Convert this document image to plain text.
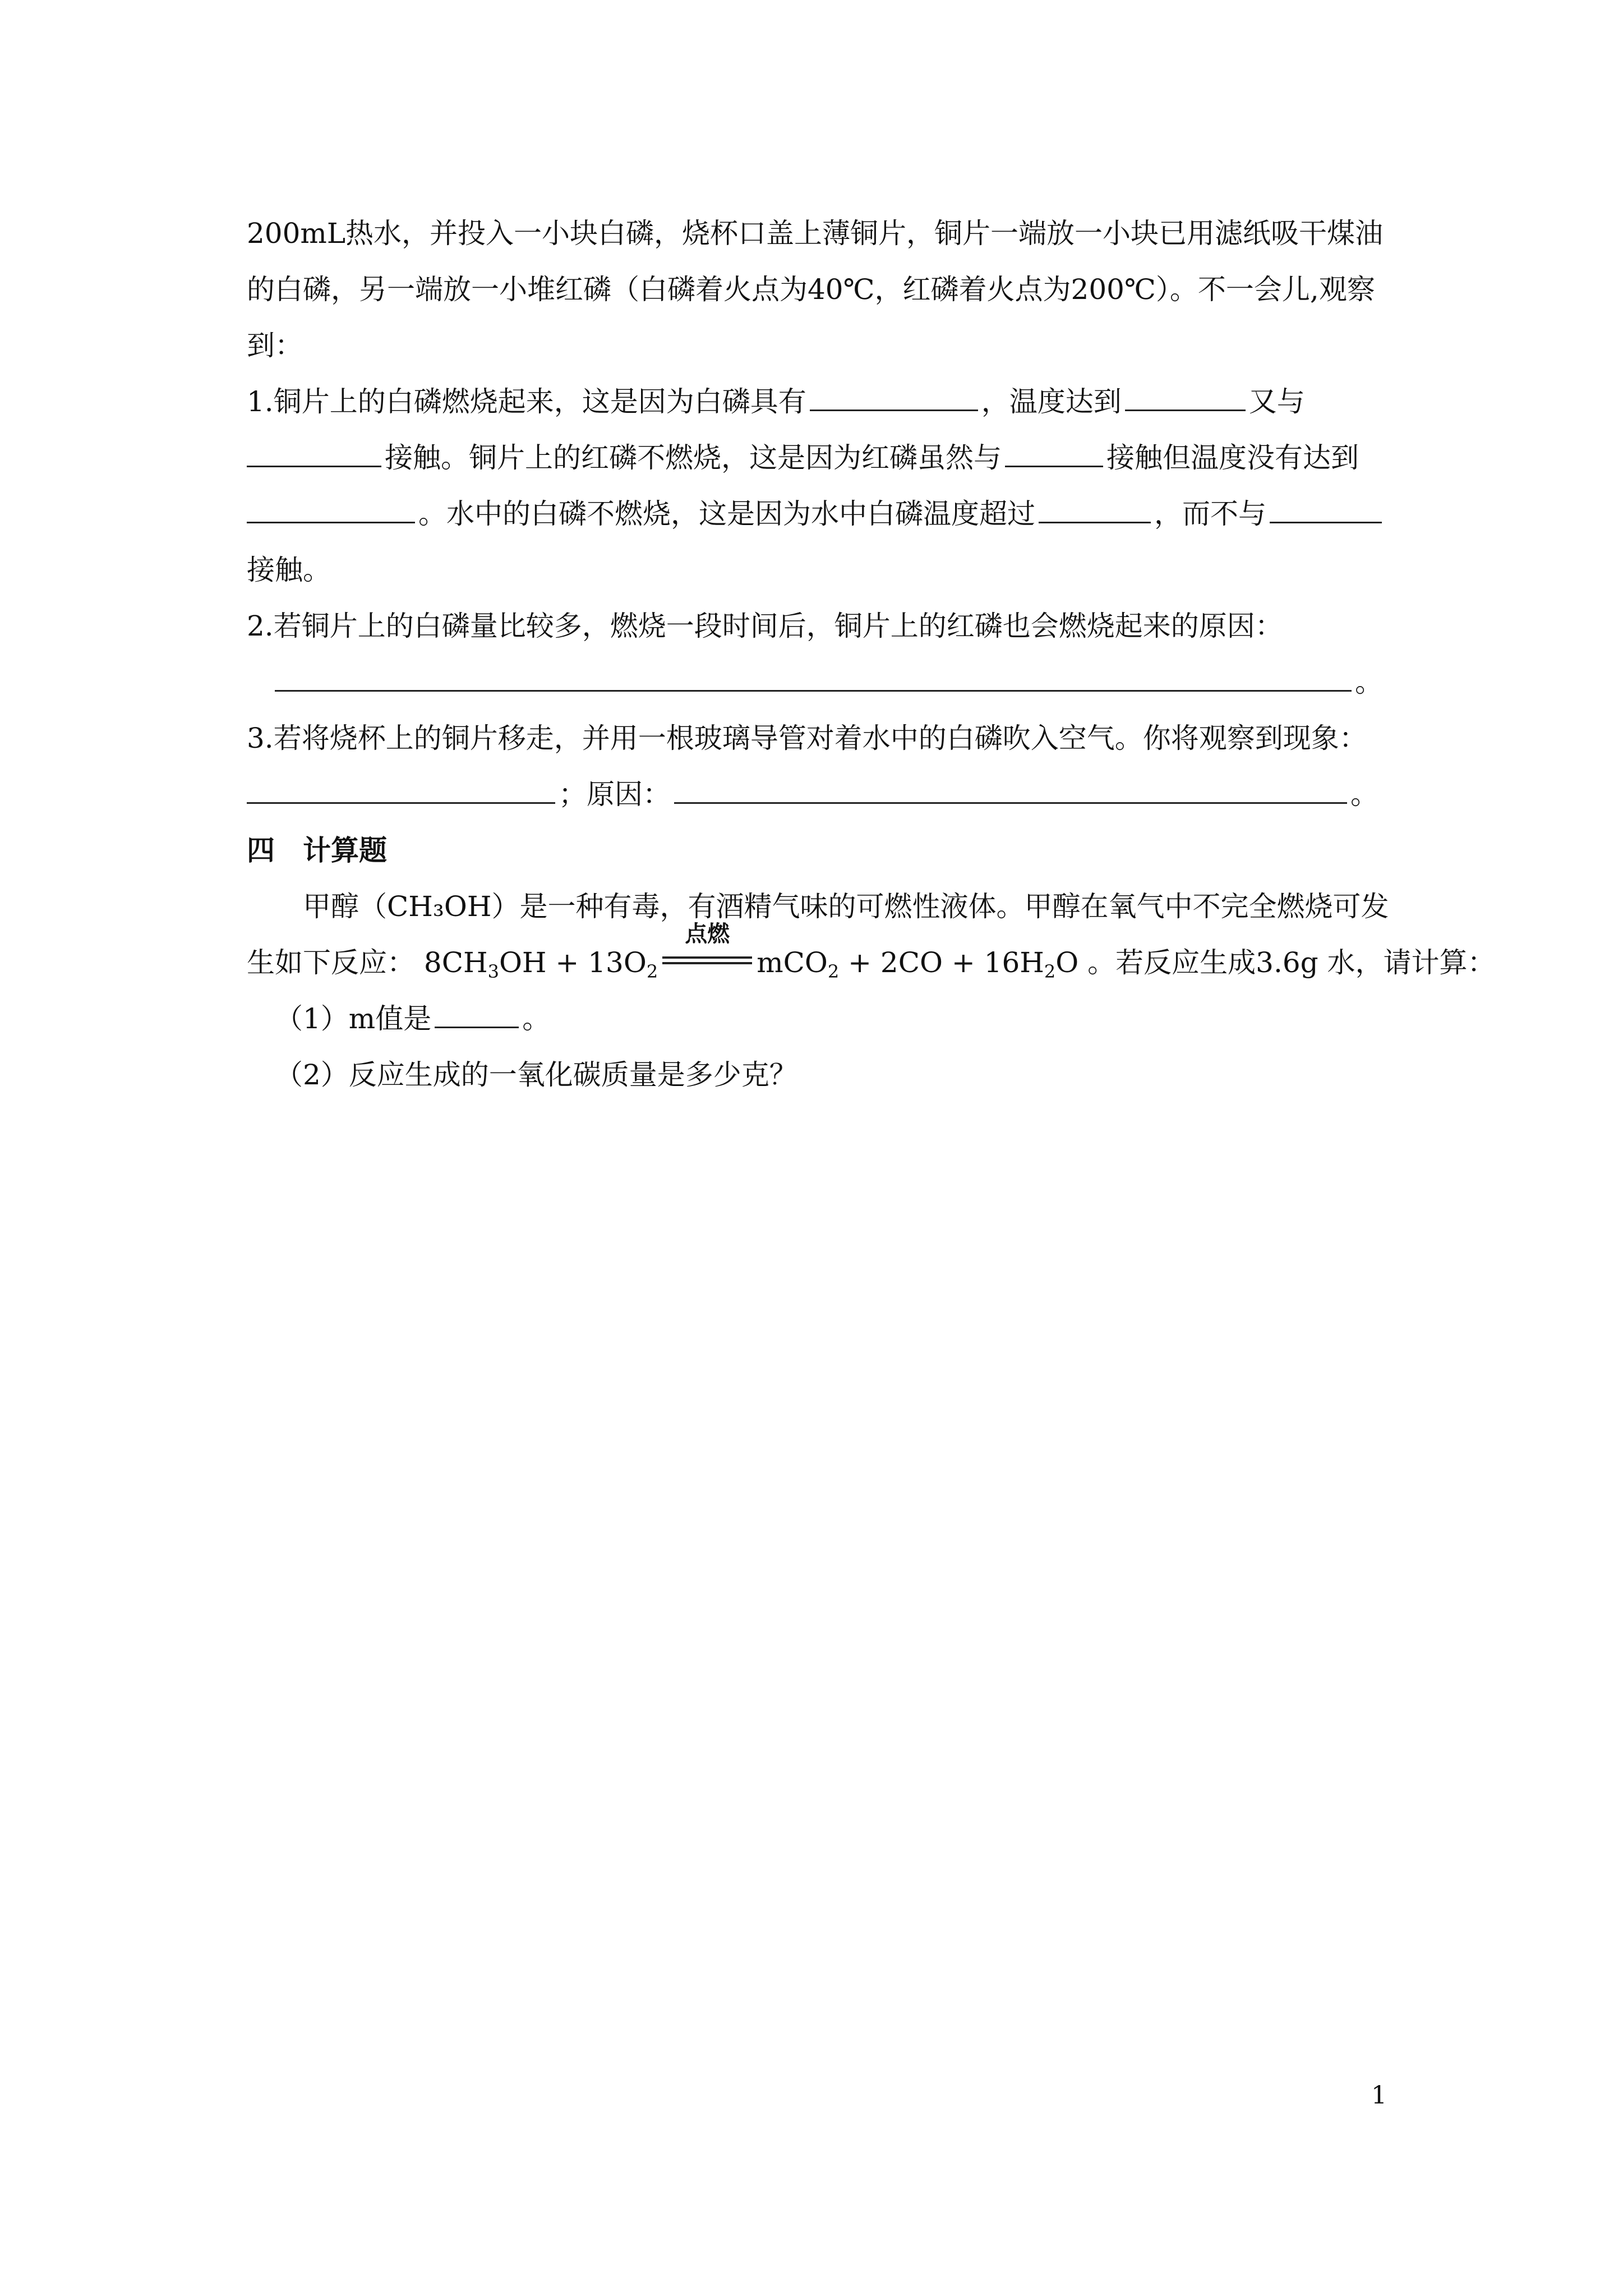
200mL热水，并投入一小块白磷，烧杯口盖上薄铜片，铜片一端放一小块已用滤纸吸干煤油
的白磷，另一端放一小堆红磷（白磷着火点为40℃，红磷着火点为200℃）。不一会儿,观察
到：
1.铜片上的白磷燃烧起来，这是因为白磷具有	，温度达到	又与
接触。铜片上的红磷不燃烧，这是因为红磷虽然与	接触但温度没有达到
。水中的白磷不燃烧，这是因为水中白磷温度超过	，而不与
接触。
2.若铜片上的白磷量比较多，燃烧一段时间后，铜片上的红磷也会燃烧起来的原因：
。
3.若将烧杯上的铜片移走，并用一根玻璃导管对着水中的白磷吹入空气。你将观察到现象：
；原因：	。
四　计算题
甲醇（CH₃OH）是一种有毒，有酒精气味的可燃性液体。甲醇在氧气中不完全燃烧可发
生如下反应： $8CH_3OH + 13O_2$
点燃
$mCO_2 + 2CO + 16H_2O$ 。若反应生成3.6g 水，请计算：
（1）m值是	。
（2）反应生成的一氧化碳质量是多少克？
1
